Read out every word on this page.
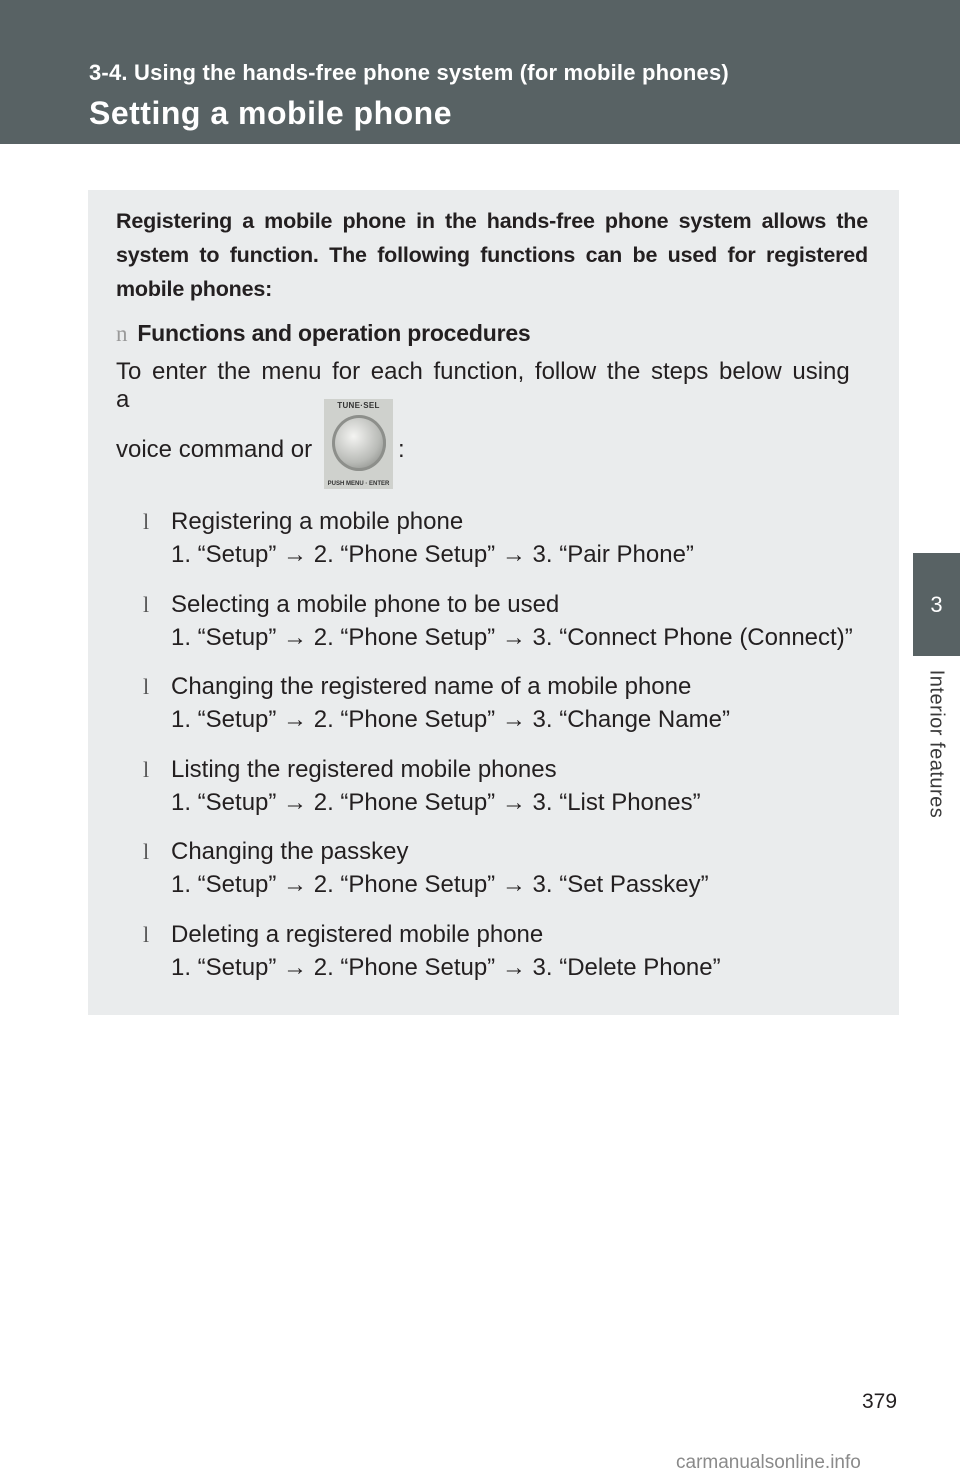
3-4. Using the hands-free phone system (for mobile phones)
Setting a mobile phone
3
Interior features
Registering a mobile phone in the hands-free phone system allows the system to function. The following functions can be used for registered mobile phones:
n Functions and operation procedures
To enter the menu for each function, follow the steps below using a
voice command or
TUNE·SEL
PUSH MENU · ENTER
:
l Registering a mobile phone
1. “Setup” → 2. “Phone Setup” → 3. “Pair Phone”
l Selecting a mobile phone to be used
1. “Setup” → 2. “Phone Setup” → 3. “Connect Phone (Connect)”
l Changing the registered name of a mobile phone
1. “Setup” → 2. “Phone Setup” → 3. “Change Name”
l Listing the registered mobile phones
1. “Setup” → 2. “Phone Setup” → 3. “List Phones”
l Changing the passkey
1. “Setup” → 2. “Phone Setup” → 3. “Set Passkey”
l Deleting a registered mobile phone
1. “Setup” → 2. “Phone Setup” → 3. “Delete Phone”
379
carmanualsonline.info
